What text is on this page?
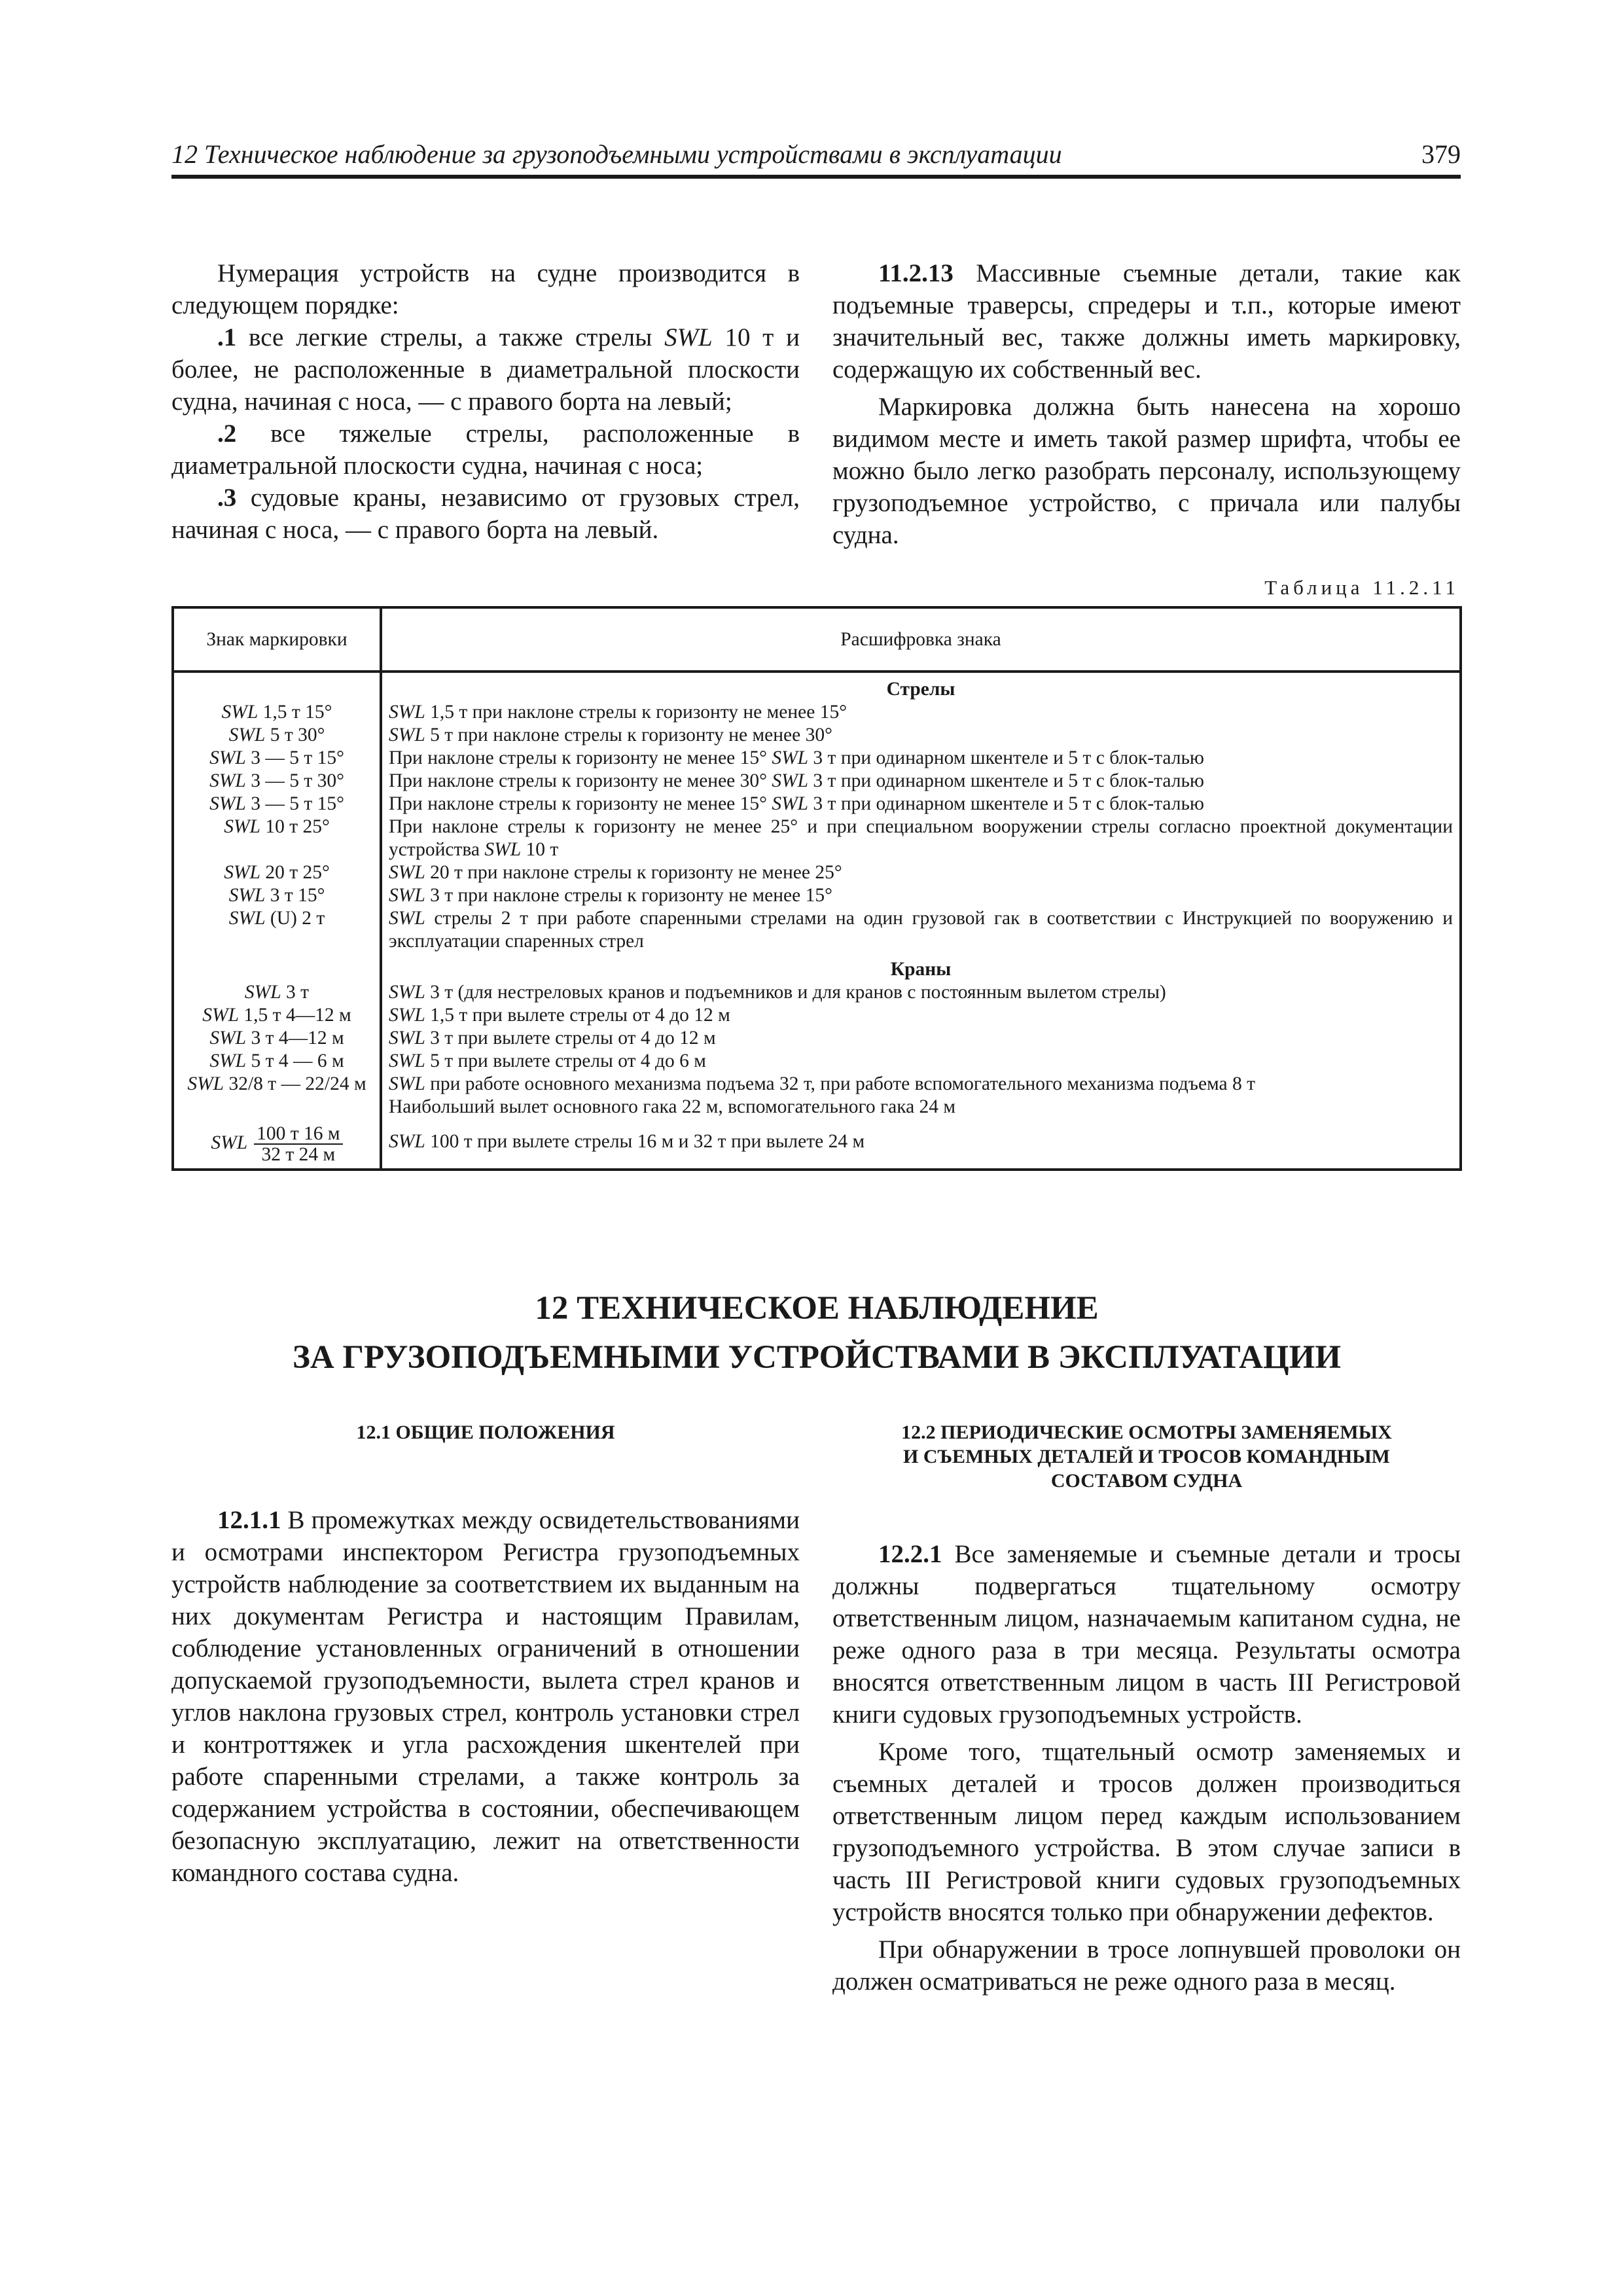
12 Техническое наблюдение за грузоподъемными устройствами в эксплуатации	379

Нумерация устройств на судне производится в следующем порядке:

.1 все легкие стрелы, а также стрелы SWL 10 т и более, не расположенные в диаметральной плоскости судна, начиная с носа, — с правого борта на левый;

.2 все тяжелые стрелы, расположенные в диаметральной плоскости судна, начиная с носа;

.3 судовые краны, независимо от грузовых стрел, начиная с носа, — с правого борта на левый.

11.2.13 Массивные съемные детали, такие как подъемные траверсы, спредеры и т.п., которые имеют значительный вес, также должны иметь маркировку, содержащую их собственный вес.

Маркировка должна быть нанесена на хорошо видимом месте и иметь такой размер шрифта, чтобы ее можно было легко разобрать персоналу, использующему грузоподъемное устройство, с причала или палубы судна.

Таблица 11.2.11
Знак маркировки	Расшифровка знака
	Стрелы
SWL 1,5 т 15°	SWL 1,5 т при наклоне стрелы к горизонту не менее 15°
SWL 5 т 30°	SWL 5 т при наклоне стрелы к горизонту не менее 30°
SWL 3 — 5 т 15°	При наклоне стрелы к горизонту не менее 15° SWL 3 т при одинарном шкентеле и 5 т с блок-талью
SWL 3 — 5 т 30°	При наклоне стрелы к горизонту не менее 30° SWL 3 т при одинарном шкентеле и 5 т с блок-талью
SWL 3 — 5 т 15°	При наклоне стрелы к горизонту не менее 15° SWL 3 т при одинарном шкентеле и 5 т с блок-талью
SWL 10 т 25°	При наклоне стрелы к горизонту не менее 25° и при специальном вооружении стрелы согласно проектной документации устройства SWL 10 т
SWL 20 т 25°	SWL 20 т при наклоне стрелы к горизонту не менее 25°
SWL 3 т 15°	SWL 3 т при наклоне стрелы к горизонту не менее 15°
SWL (U) 2 т	SWL стрелы 2 т при работе спаренными стрелами на один грузовой гак в соответствии с Инструкцией по вооружению и эксплуатации спаренных стрел
	Краны
SWL 3 т	SWL 3 т (для нестреловых кранов и подъемников и для кранов с постоянным вылетом стрелы)
SWL 1,5 т 4—12 м	SWL 1,5 т при вылете стрелы от 4 до 12 м
SWL 3 т 4—12 м	SWL 3 т при вылете стрелы от 4 до 12 м
SWL 5 т 4 — 6 м	SWL 5 т при вылете стрелы от 4 до 6 м
SWL 32/8 т — 22/24 м	SWL при работе основного механизма подъема 32 т, при работе вспомогательного механизма подъема 8 т
Наибольший вылет основного гака 22 м, вспомогательного гака 24 м
SWL $\frac{100 т 16 м}{32 т 24 м}$	SWL 100 т при вылете стрелы 16 м и 32 т при вылете 24 м
12 ТЕХНИЧЕСКОЕ НАБЛЮДЕНИЕ
ЗА ГРУЗОПОДЪЕМНЫМИ УСТРОЙСТВАМИ В ЭКСПЛУАТАЦИИ
12.1 ОБЩИЕ ПОЛОЖЕНИЯ

12.1.1 В промежутках между освидетельствованиями и осмотрами инспектором Регистра грузоподъемных устройств наблюдение за соответствием их выданным на них документам Регистра и настоящим Правилам, соблюдение установленных ограничений в отношении допускаемой грузоподъемности, вылета стрел кранов и углов наклона грузовых стрел, контроль установки стрел и контроттяжек и угла расхождения шкентелей при работе спаренными стрелами, а также контроль за содержанием устройства в состоянии, обеспечивающем безопасную эксплуатацию, лежит на ответственности командного состава судна.

12.2 ПЕРИОДИЧЕСКИЕ ОСМОТРЫ ЗАМЕНЯЕМЫХ
И СЪЕМНЫХ ДЕТАЛЕЙ И ТРОСОВ КОМАНДНЫМ
СОСТАВОМ СУДНА

12.2.1 Все заменяемые и съемные детали и тросы должны подвергаться тщательному осмотру ответственным лицом, назначаемым капитаном судна, не реже одного раза в три месяца. Результаты осмотра вносятся ответственным лицом в часть III Регистровой книги судовых грузоподъемных устройств.

Кроме того, тщательный осмотр заменяемых и съемных деталей и тросов должен производиться ответственным лицом перед каждым использованием грузоподъемного устройства. В этом случае записи в часть III Регистровой книги судовых грузоподъемных устройств вносятся только при обнаружении дефектов.

При обнаружении в тросе лопнувшей проволоки он должен осматриваться не реже одного раза в месяц.
